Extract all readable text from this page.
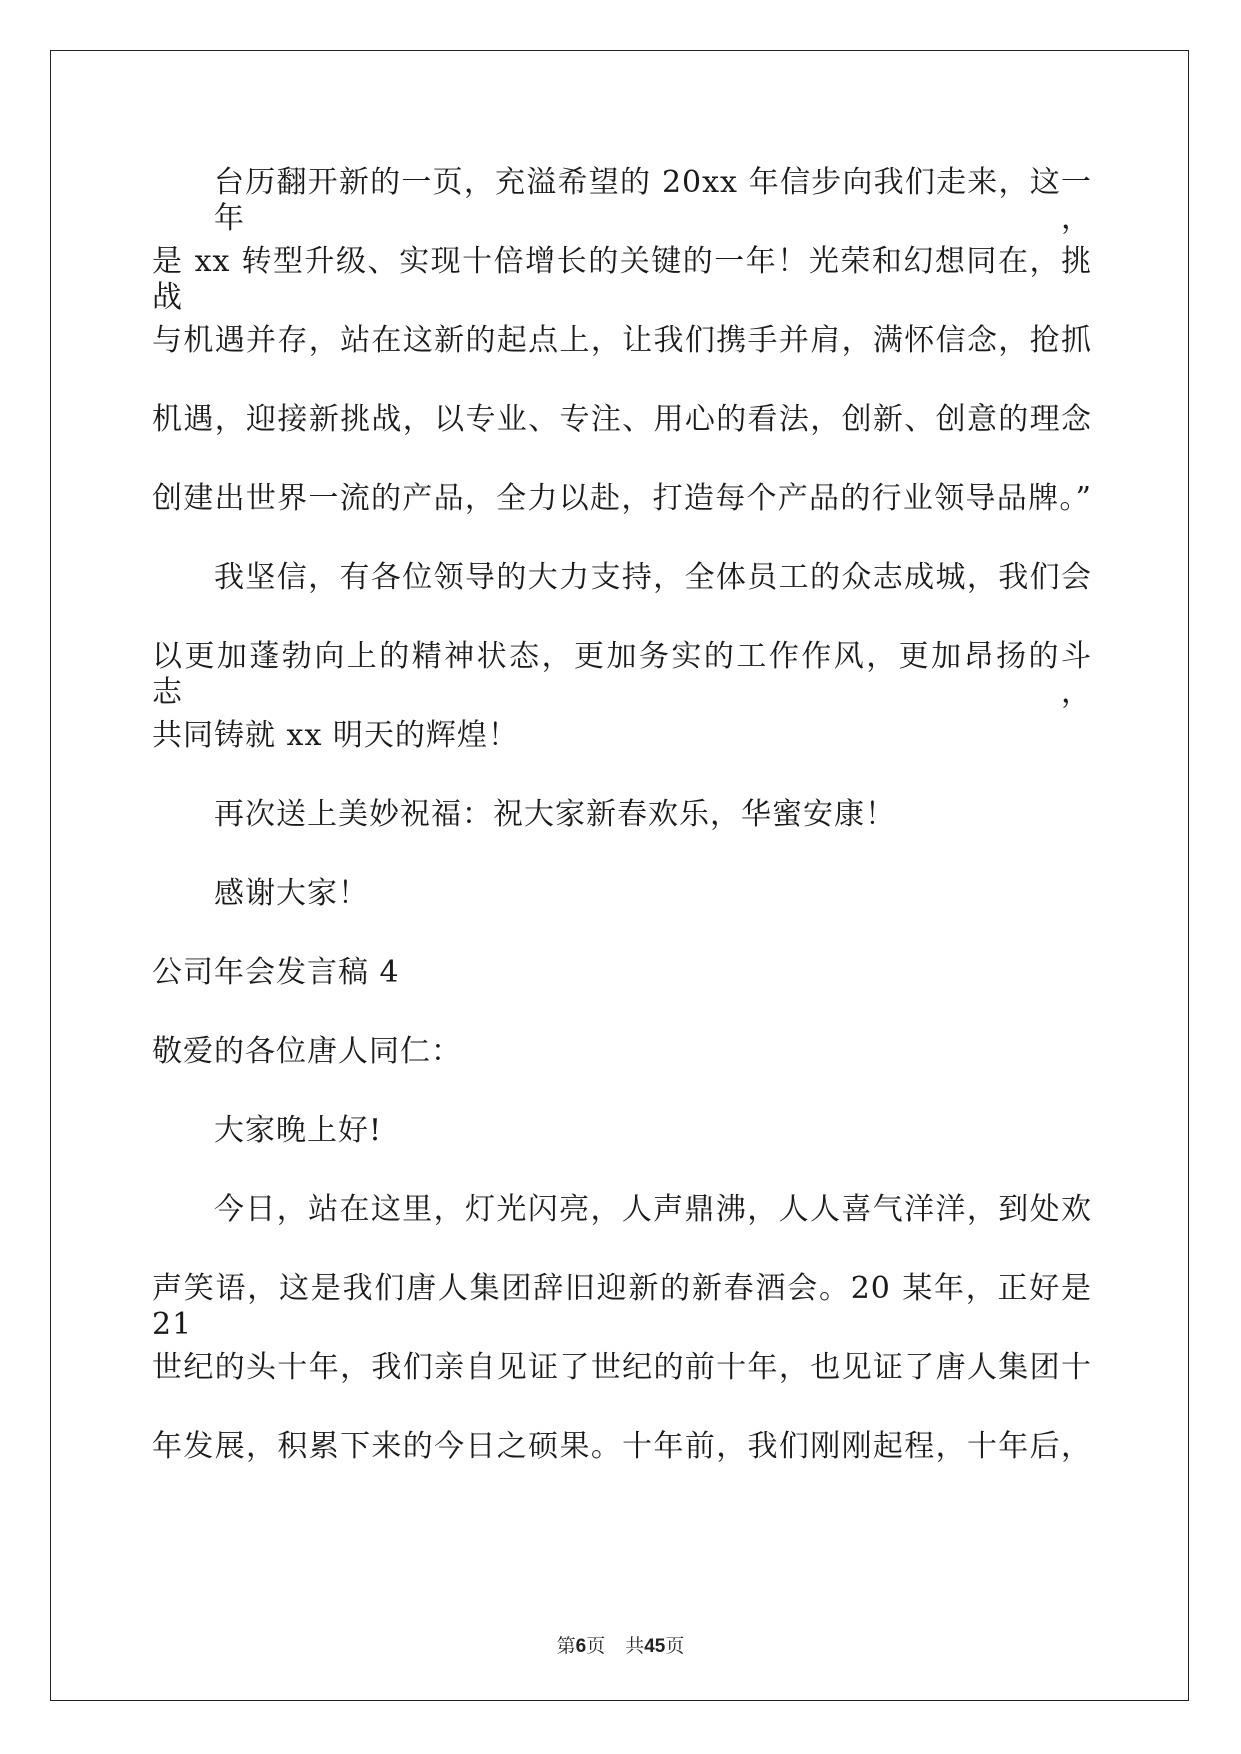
台历翻开新的一页，充溢希望的 20xx 年信步向我们走来，这一年，
是 xx 转型升级、实现十倍增长的关键的一年！光荣和幻想同在，挑战
与机遇并存，站在这新的起点上，让我们携手并肩，满怀信念，抢抓
机遇，迎接新挑战，以专业、专注、用心的看法，创新、创意的理念
创建出世界一流的产品，全力以赴，打造每个产品的行业领导品牌。”
我坚信，有各位领导的大力支持，全体员工的众志成城，我们会
以更加蓬勃向上的精神状态，更加务实的工作作风，更加昂扬的斗志，
共同铸就 xx 明天的辉煌！
再次送上美妙祝福：祝大家新春欢乐，华蜜安康！
感谢大家！
公司年会发言稿 4
敬爱的各位唐人同仁：
大家晚上好!
今日，站在这里，灯光闪亮，人声鼎沸，人人喜气洋洋，到处欢
声笑语，这是我们唐人集团辞旧迎新的新春酒会。20 某年，正好是 21
世纪的头十年，我们亲自见证了世纪的前十年，也见证了唐人集团十
年发展，积累下来的今日之硕果。十年前，我们刚刚起程，十年后，
第6页 共45页
